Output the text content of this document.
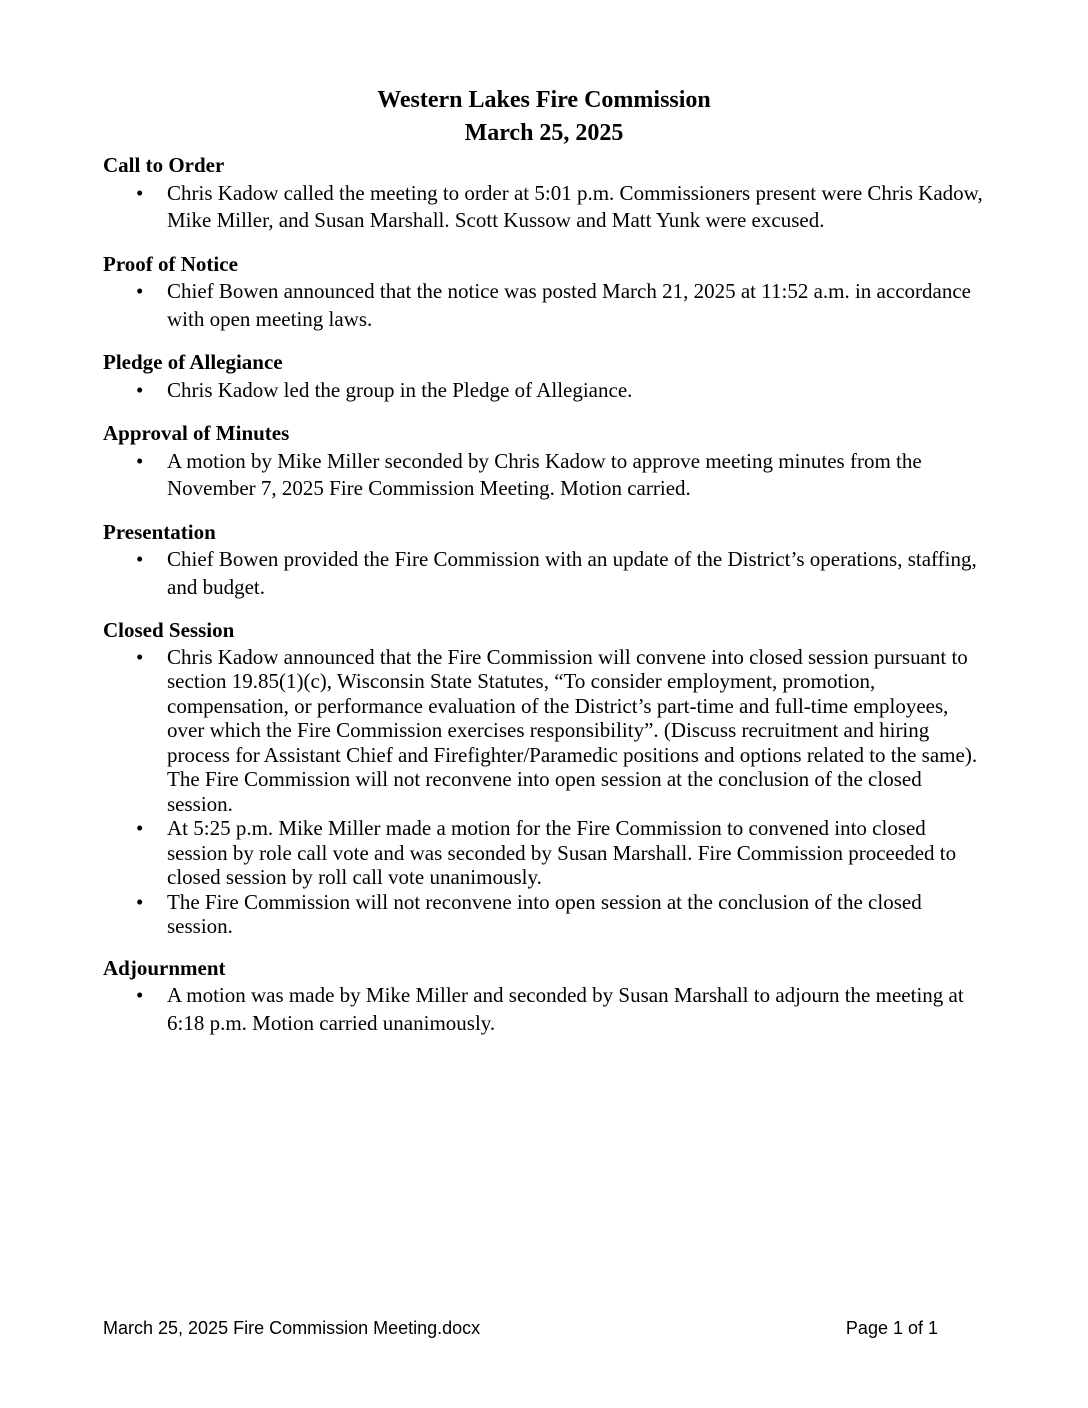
Western Lakes Fire Commission
March 25, 2025
Call to Order
• Chris Kadow called the meeting to order at 5:01 p.m. Commissioners present were Chris Kadow, Mike Miller, and Susan Marshall. Scott Kussow and Matt Yunk were excused.
Proof of Notice
• Chief Bowen announced that the notice was posted March 21, 2025 at 11:52 a.m. in accordance with open meeting laws.
Pledge of Allegiance
• Chris Kadow led the group in the Pledge of Allegiance.
Approval of Minutes
• A motion by Mike Miller seconded by Chris Kadow to approve meeting minutes from the November 7, 2025 Fire Commission Meeting. Motion carried.
Presentation
• Chief Bowen provided the Fire Commission with an update of the District’s operations, staffing, and budget.
Closed Session
• Chris Kadow announced that the Fire Commission will convene into closed session pursuant to section 19.85(1)(c), Wisconsin State Statutes, “To consider employment, promotion, compensation, or performance evaluation of the District’s part-time and full-time employees, over which the Fire Commission exercises responsibility”. (Discuss recruitment and hiring process for Assistant Chief and Firefighter/Paramedic positions and options related to the same). The Fire Commission will not reconvene into open session at the conclusion of the closed session.
• At 5:25 p.m. Mike Miller made a motion for the Fire Commission to convened into closed session by role call vote and was seconded by Susan Marshall. Fire Commission proceeded to closed session by roll call vote unanimously.
• The Fire Commission will not reconvene into open session at the conclusion of the closed session.
Adjournment
• A motion was made by Mike Miller and seconded by Susan Marshall to adjourn the meeting at 6:18 p.m. Motion carried unanimously.
March 25, 2025 Fire Commission Meeting.docx	Page 1 of 1
